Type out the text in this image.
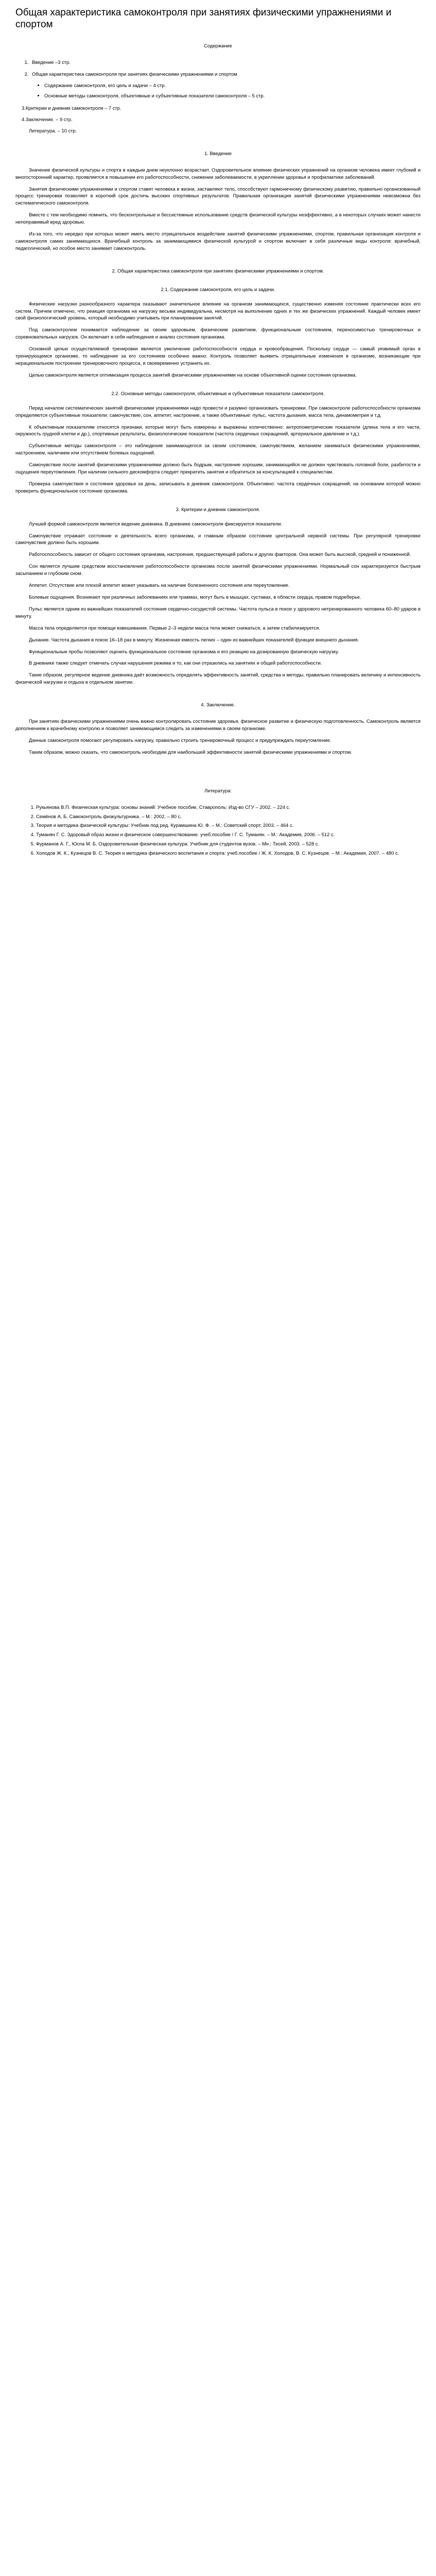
Общая характеристика самоконтроля при занятиях физическими упражнениями и спортом
Содержание
1. Введение –3 стр.
2. Общая характеристика самоконтроля при занятиях физическими упражнениями и спортом
• Содержание самоконтроля, его цель и задачи – 4 стр.
• Основные методы самоконтроля, объективные и субъективные показатели самоконтроля – 5 стр.
3.Критерии и дневник самоконтроля – 7 стр.
4.Заключение. – 9 стр.
Литература. – 10 стр.
1. Введение

Значение физической культуры и спорта в каждым днем неуклонно возрастает. Оздоровительное влияние физических упражнений на организм человека имеет глубокий и многосторонний характер, проявляется в повышении его работоспособности, снижении заболеваемости, в укреплении здоровья и профилактике заболеваний.

Занятия физическими упражнениями и спортом ставят человека в жизни, заставляют тело, способствуют гармоничному физическому развитию, правильно организованный процесс тренировки позволяет в короткий срок достичь высоких спортивных результатов. Правильная организация занятий физическими упражнениями невозможна без систематического самоконтроля.

Вместе с тем необходимо помнить, что бесконтрольные и бессистемные использование средств физической культуры неэффективно, а в некоторых случаях может нанести непоправимый вред здоровью.

Из-за того, что нередко при которых может иметь место отрицательное воздействие занятий физическими упражнениями, спортом, правильная организация контроля и самоконтроля самих занимающихся. Врачебный контроль за занимающимися физической культурой и спортом включает в себя различные виды контроля: врачебный, педагогический, но особое место занимает самоконтроль.

2. Общая характеристика самоконтроля при занятиях физическими упражнениями и спортом.
2.1. Содержание самоконтроля, его цель и задачи.

Физические нагрузки разнообразного характера оказывают значительное влияние на организм занимающихся, существенно изменяя состояние практически всех его систем. Причем отмечено, что реакция организма на нагрузку весьма индивидуальна, несмотря на выполнение одних и тех же физических упражнений. Каждый человек имеет свой физиологический уровень, который необходимо учитывать при планировании занятий.

Под самоконтролем понимается наблюдение за своим здоровьем, физическим развитием, функциональным состоянием, переносимостью тренировочных и соревновательных нагрузок. Он включает в себя наблюдения и анализ состояния организма.

Основной целью осуществляемой тренировки является увеличение работоспособности сердца и кровообращения. Поскольку сердце — самый уязвимый орган в тренирующемся организме, то наблюдение за его состоянием особенно важно. Контроль позволяет выявить отрицательные изменения в организме, возникающие при нерациональном построении тренировочного процесса, и своевременно устранить их.

Целью самоконтроля является оптимизация процесса занятий физическими упражнениями на основе объективной оценки состояния организма.

2.2. Основные методы самоконтроля, объективные и субъективные показатели самоконтроля.

Перед началом систематических занятий физическими упражнениями надо провести и разумно организовать тренировки. При самоконтроле работоспособности организма определяются субъективные показатели: самочувствие, сон, аппетит, настроение, а также объективные: пульс, частота дыхания, масса тела, динамометрия и т.д.

К объективным показателям относятся признаки, которые могут быть измерены и выражены количественно: антропометрические показатели (длина тела и его части, окружность грудной клетки и др.), спортивные результаты, физиологические показатели (частота сердечных сокращений, артериальное давление и т.д.).

Субъективные методы самоконтроля – это наблюдения занимающегося за своим состоянием, самочувствием, желанием заниматься физическими упражнениями, настроением, наличием или отсутствием болевых ощущений.

Самочувствие после занятий физическими упражнениями должно быть бодрым, настроение хорошим, занимающийся не должен чувствовать головной боли, разбитости и ощущения переутомления. При наличии сильного дискомфорта следует прекратить занятия и обратиться за консультацией к специалистам.

Проверка самочувствия и состояния здоровья за день, записывать в дневник самоконтроля. Объективно: частота сердечных сокращений, на основании которой можно проверить функциональное состояние организма.

3. Критерии и дневник самоконтроля.

Лучшей формой самоконтроля является ведение дневника. В дневнике самоконтроля фиксируются показатели.

Самочувствие отражает состояние и деятельность всего организма, и главным образом состояние центральной нервной системы. При регулярной тренировке самочувствие должно быть хорошим.

Работоспособность зависит от общего состояния организма, настроения, предшествующей работы и других факторов. Она может быть высокой, средней и пониженной.

Сон является лучшим средством восстановления работоспособности организма после занятий физическими упражнениями. Нормальный сон характеризуется быстрым засыпанием и глубоким сном.

Аппетит. Отсутствие или плохой аппетит может указывать на наличие болезненного состояния или переутомление.

Болевые ощущения. Возникают при различных заболеваниях или травмах, могут быть в мышцах, суставах, в области сердца, правом подреберье.

Пульс является одним из важнейших показателей состояния сердечно-сосудистой системы. Частота пульса в покое у здорового нетренированного человека 60–80 ударов в минуту.

Масса тела определяется при помощи взвешивания. Первые 2–3 недели масса тела может снижаться, а затем стабилизируется.

Дыхание. Частота дыхания в покое 16–18 раз в минуту. Жизненная емкость легких – один из важнейших показателей функции внешнего дыхания.

Функциональные пробы позволяют оценить функциональное состояние организма и его реакцию на дозированную физическую нагрузку.

В дневнике также следует отмечать случаи нарушения режима и то, как они отразились на занятиях и общей работоспособности.

Такие образом, регулярное ведение дневника даёт возможность определять эффективность занятий, средства и методы, правильно планировать величину и интенсивность физической нагрузки и отдыха в отдельном занятии.

4. Заключение.

При занятиях физическими упражнениями очень важно контролировать состояние здоровья, физическое развитие и физическую подготовленность. Самоконтроль является дополнением к врачебному контролю и позволяет занимающимся следить за изменениями в своем организме.

Данные самоконтроля помогают регулировать нагрузку, правильно строить тренировочный процесс и предупреждать переутомление.

Таким образом, можно сказать, что самоконтроль необходим для наибольшей эффективности занятий физическими упражнениями и спортом.

Литература:
1. Рукьянова В.П. Физическая культура: основы знаний: Учебное пособие, Ставрополь: Изд-во СГУ – 2002. – 224 с.
2. Семёнов А. Б. Самоконтроль физкультурника. – М.: 2002. – 80 с.
3. Теория и методика физической культуры: Учебник под ред. Курамшина Ю. Ф. – М.: Советский спорт, 2003. – 464 с.
4. Туманян Г. С. Здоровый образ жизни и физическое совершенствование. учеб.пособие / Г. С. Туманян. – М.: Академия, 2006. – 512 с.
5. Фурманов А. Г., Юспа М. Б. Оздоровительная физическая культура: Учебник для студентов вузов. – Мн.: Тесей, 2003. – 528 с.
6. Холодов Ж. К., Кузнецов В. С. Теория и методика физического воспитания и спорта: учеб.пособие / Ж. К. Холодов, В. С. Кузнецов. – М.: Академия, 2007. – 480 с.
